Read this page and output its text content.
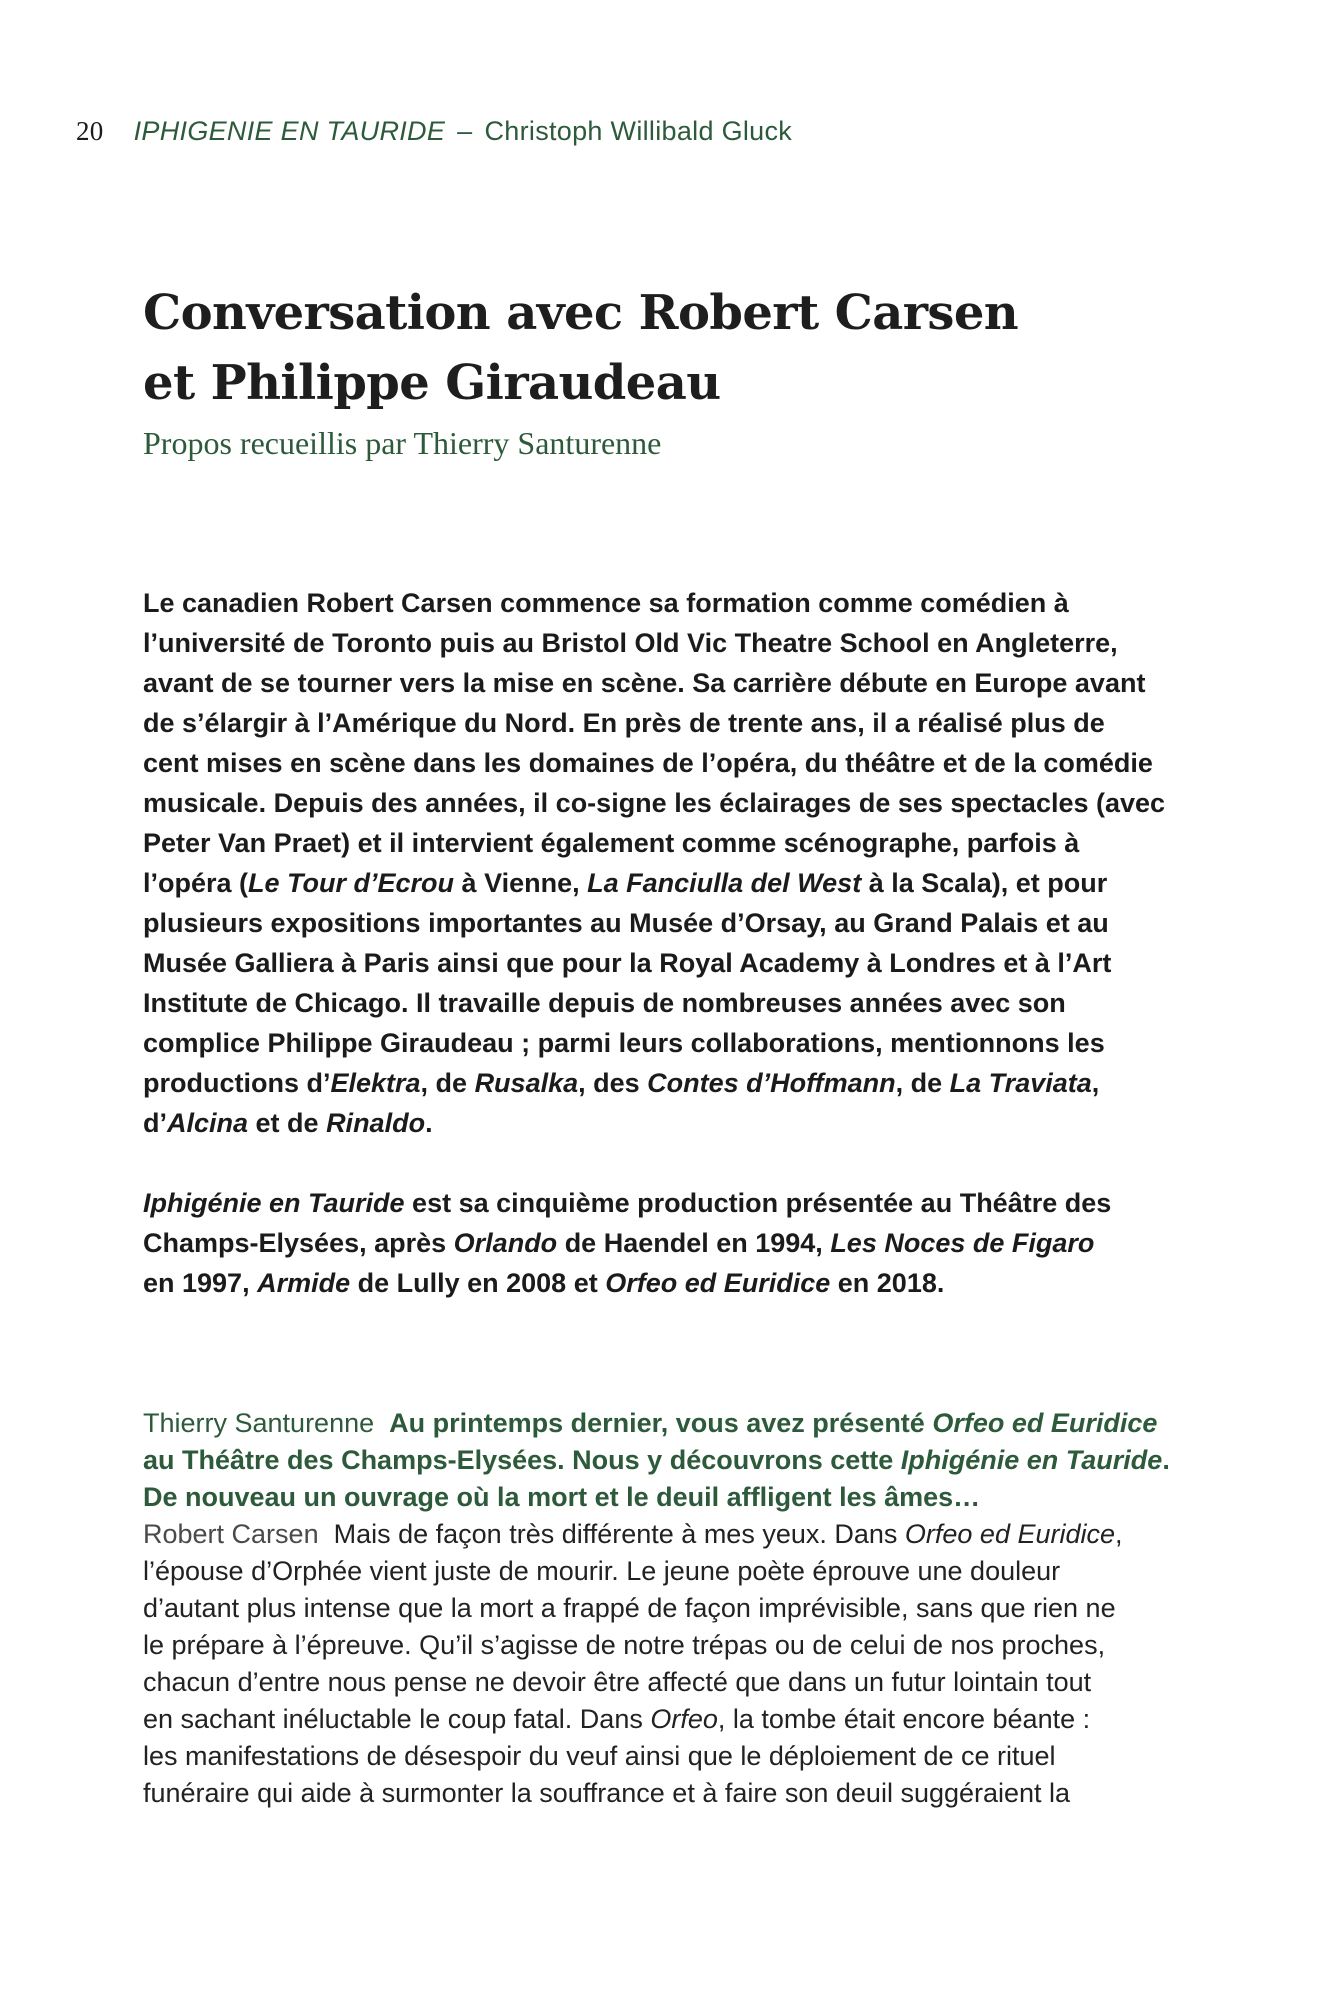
20 IPHIGENIE EN TAURIDE – Christoph Willibald Gluck
Conversation avec Robert Carsen
et Philippe Giraudeau

Propos recueillis par Thierry Santurenne

Le canadien Robert Carsen commence sa formation comme comédien à
l’université de Toronto puis au Bristol Old Vic Theatre School en Angleterre,
avant de se tourner vers la mise en scène. Sa carrière débute en Europe avant
de s’élargir à l’Amérique du Nord. En près de trente ans, il a réalisé plus de
cent mises en scène dans les domaines de l’opéra, du théâtre et de la comédie
musicale. Depuis des années, il co-signe les éclairages de ses spectacles (avec
Peter Van Praet) et il intervient également comme scénographe, parfois à
l’opéra (Le Tour d’Ecrou à Vienne, La Fanciulla del West à la Scala), et pour
plusieurs expositions importantes au Musée d’Orsay, au Grand Palais et au
Musée Galliera à Paris ainsi que pour la Royal Academy à Londres et à l’Art
Institute de Chicago. Il travaille depuis de nombreuses années avec son
complice Philippe Giraudeau ; parmi leurs collaborations, mentionnons les
productions d’Elektra, de Rusalka, des Contes d’Hoffmann, de La Traviata,
d’Alcina et de Rinaldo.

Iphigénie en Tauride est sa cinquième production présentée au Théâtre des
Champs-Elysées, après Orlando de Haendel en 1994, Les Noces de Figaro
en 1997, Armide de Lully en 2008 et Orfeo ed Euridice en 2018.

Thierry Santurenne Au printemps dernier, vous avez présenté Orfeo ed Euridice
au Théâtre des Champs-Elysées. Nous y découvrons cette Iphigénie en Tauride.
De nouveau un ouvrage où la mort et le deuil affligent les âmes…
Robert Carsen Mais de façon très différente à mes yeux. Dans Orfeo ed Euridice,
l’épouse d’Orphée vient juste de mourir. Le jeune poète éprouve une douleur
d’autant plus intense que la mort a frappé de façon imprévisible, sans que rien ne
le prépare à l’épreuve. Qu’il s’agisse de notre trépas ou de celui de nos proches,
chacun d’entre nous pense ne devoir être affecté que dans un futur lointain tout
en sachant inéluctable le coup fatal. Dans Orfeo, la tombe était encore béante :
les manifestations de désespoir du veuf ainsi que le déploiement de ce rituel
funéraire qui aide à surmonter la souffrance et à faire son deuil suggéraient la
